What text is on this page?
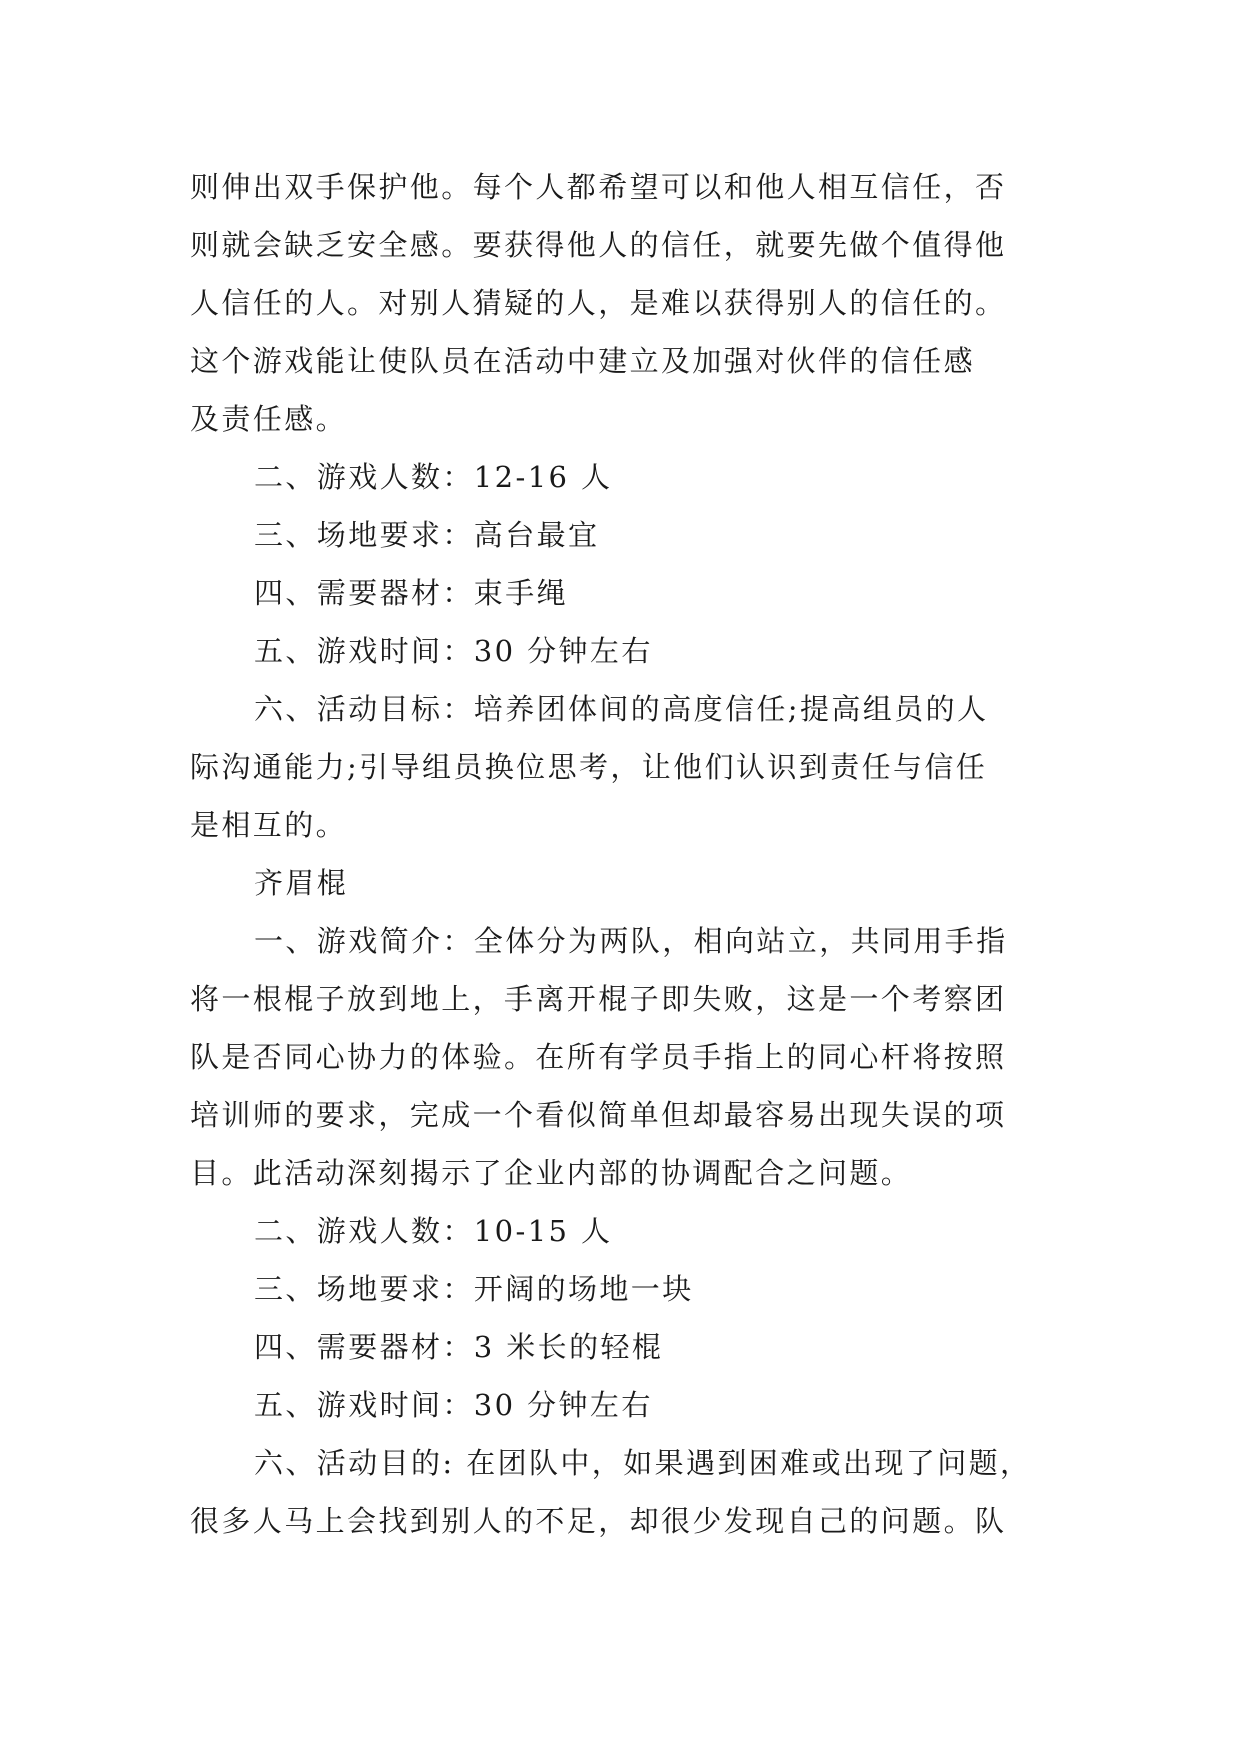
则伸出双手保护他。每个人都希望可以和他人相互信任，否
则就会缺乏安全感。要获得他人的信任，就要先做个值得他
人信任的人。对别人猜疑的人，是难以获得别人的信任的。
这个游戏能让使队员在活动中建立及加强对伙伴的信任感
及责任感。
二、游戏人数：12-16 人
三、场地要求：高台最宜
四、需要器材：束手绳
五、游戏时间：30 分钟左右
六、活动目标：培养团体间的高度信任;提高组员的人
际沟通能力;引导组员换位思考，让他们认识到责任与信任
是相互的。
齐眉棍
一、游戏简介：全体分为两队，相向站立，共同用手指
将一根棍子放到地上，手离开棍子即失败，这是一个考察团
队是否同心协力的体验。在所有学员手指上的同心杆将按照
培训师的要求，完成一个看似简单但却最容易出现失误的项
目。此活动深刻揭示了企业内部的协调配合之问题。
二、游戏人数：10-15 人
三、场地要求：开阔的场地一块
四、需要器材：3 米长的轻棍
五、游戏时间：30 分钟左右
六、活动目的: 在团队中，如果遇到困难或出现了问题，
很多人马上会找到别人的不足，却很少发现自己的问题。队
